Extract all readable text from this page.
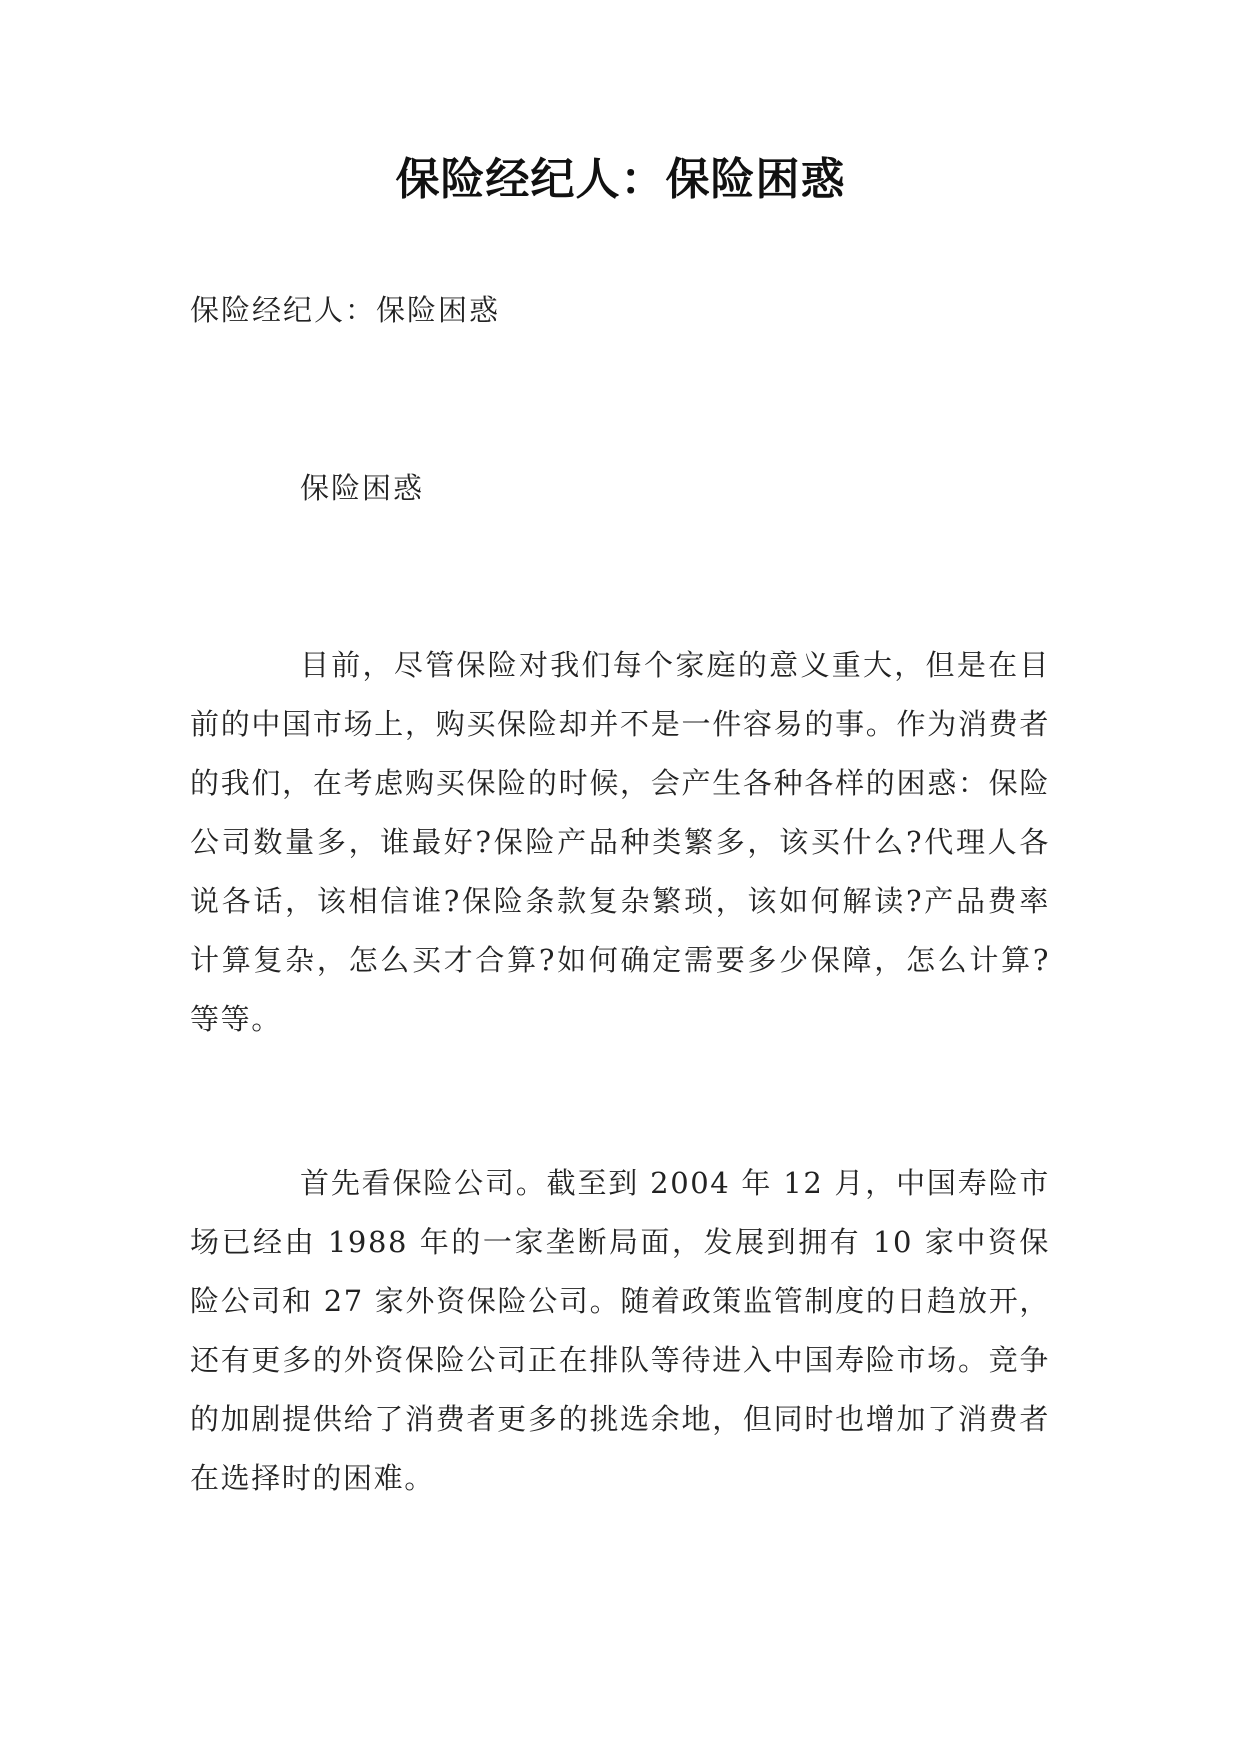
保险经纪人：保险困惑
保险经纪人：保险困惑
保险困惑

目前，尽管保险对我们每个家庭的意义重大，但是在目前的中国市场上，购买保险却并不是一件容易的事。作为消费者的我们，在考虑购买保险的时候，会产生各种各样的困惑：保险公司数量多，谁最好?保险产品种类繁多，该买什么?代理人各说各话，该相信谁?保险条款复杂繁琐，该如何解读?产品费率计算复杂，怎么买才合算?如何确定需要多少保障，怎么计算?等等。

首先看保险公司。截至到 2004 年 12 月，中国寿险市场已经由 1988 年的一家垄断局面，发展到拥有 10 家中资保险公司和 27 家外资保险公司。随着政策监管制度的日趋放开，还有更多的外资保险公司正在排队等待进入中国寿险市场。竞争的加剧提供给了消费者更多的挑选余地，但同时也增加了消费者在选择时的困难。
